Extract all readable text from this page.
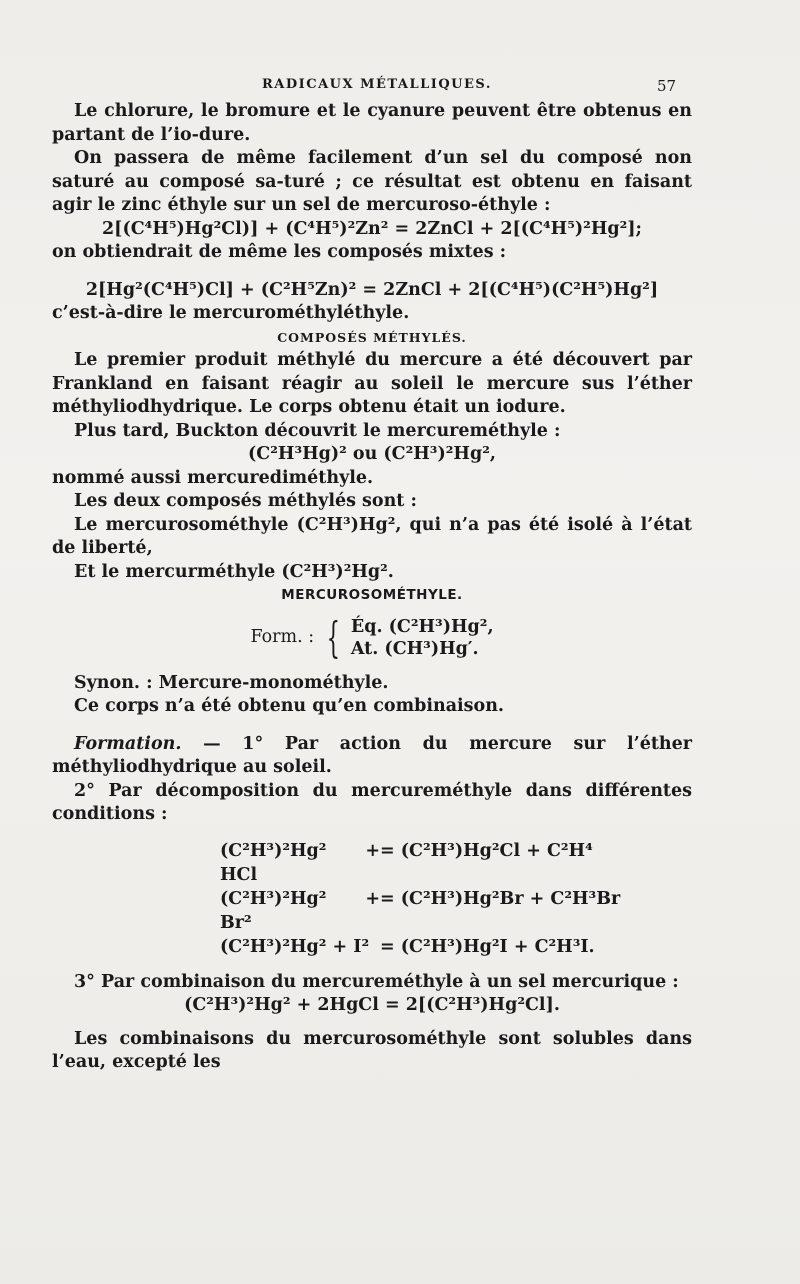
RADICAUX MÉTALLIQUES.	57

Le chlorure, le bromure et le cyanure peuvent être obtenus en partant de l’io-dure.

On passera de même facilement d’un sel du composé non saturé au composé sa-turé ; ce résultat est obtenu en faisant agir le zinc éthyle sur un sel de mercuroso-éthyle :

2[(C⁴H⁵)Hg²Cl)] + (C⁴H⁵)²Zn² = 2ZnCl + 2[(C⁴H⁵)²Hg²];

on obtiendrait de même les composés mixtes :

2[Hg²(C⁴H⁵)Cl] + (C²H⁵Zn)² = 2ZnCl + 2[(C⁴H⁵)(C²H⁵)Hg²]

c’est-à-dire le mercurométhyléthyle.

COMPOSÉS MÉTHYLÉS.

Le premier produit méthylé du mercure a été découvert par Frankland en faisant réagir au soleil le mercure sus l’éther méthyliodhydrique. Le corps obtenu était un iodure.

Plus tard, Buckton découvrit le mercureméthyle :

(C²H³Hg)² ou (C²H³)²Hg²,

nommé aussi mercurediméthyle.

Les deux composés méthylés sont :

Le mercurosométhyle (C²H³)Hg², qui n’a pas été isolé à l’état de liberté,

Et le mercurméthyle (C²H³)²Hg².

MERCUROSOMÉTHYLE.

Form. : { Éq. (C²H³)Hg²,
At. (CH³)Hg′.

Synon. : Mercure-monométhyle.

Ce corps n’a été obtenu qu’en combinaison.

Formation. — 1° Par action du mercure sur l’éther méthyliodhydrique au soleil.

2° Par décomposition du mercureméthyle dans différentes conditions :

(C²H³)²Hg² + HCl
= (C²H³)Hg²Cl + C²H⁴
(C²H³)²Hg² + Br²
= (C²H³)Hg²Br + C²H³Br
(C²H³)²Hg² + I² = (C²H³)Hg²I + C²H³I.

3° Par combinaison du mercureméthyle à un sel mercurique :

(C²H³)²Hg² + 2HgCl = 2[(C²H³)Hg²Cl].

Les combinaisons du mercurosométhyle sont solubles dans l’eau, excepté les
